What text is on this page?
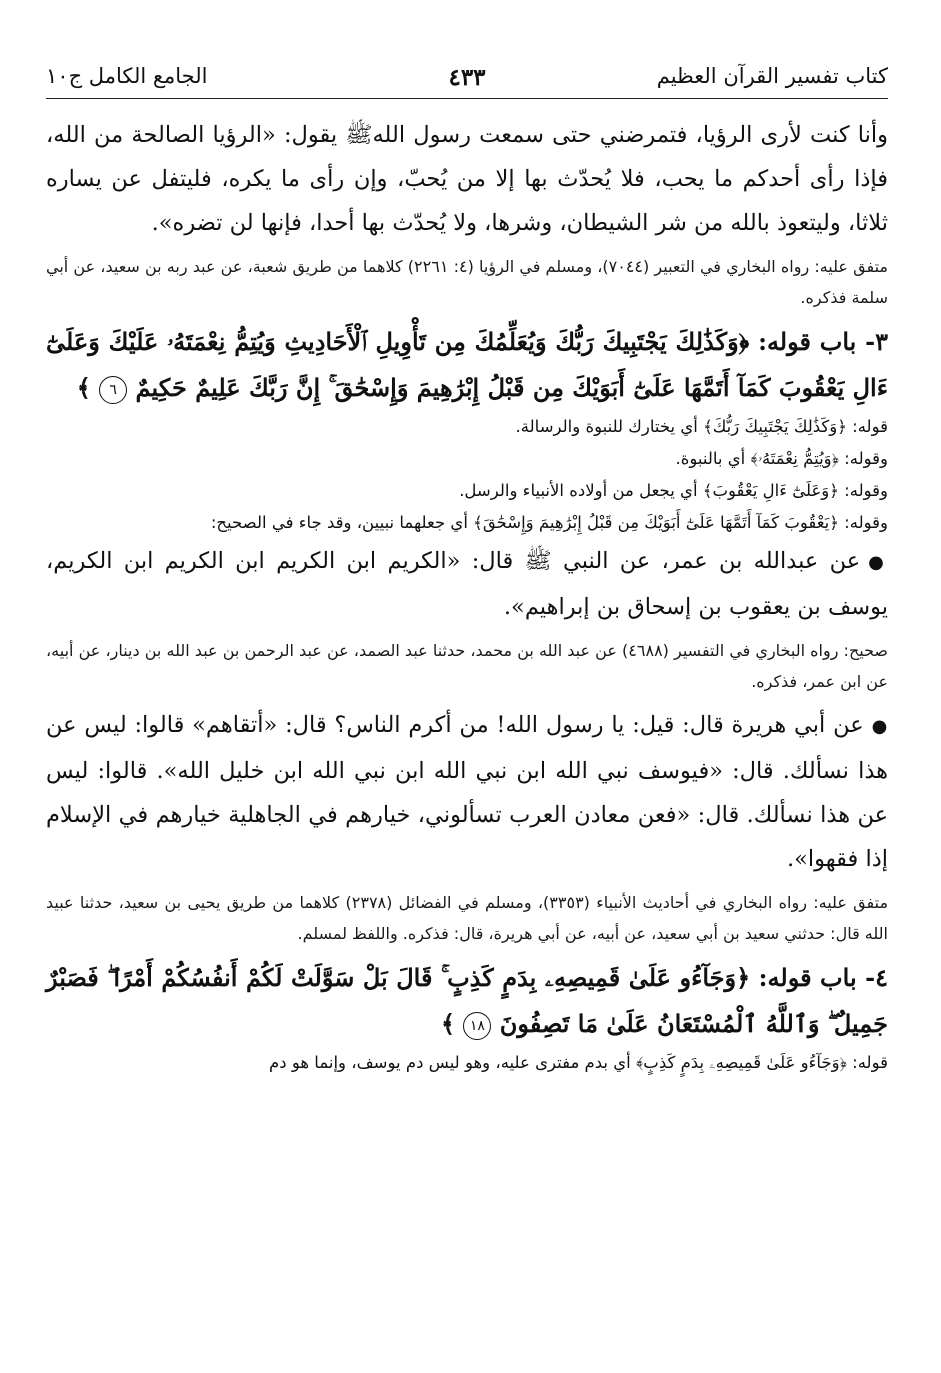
كتاب تفسير القرآن العظيم
٤٣٣
الجامع الكامل ج١٠

وأنا كنت لأرى الرؤيا، فتمرضني حتى سمعت رسول اللهﷺ يقول: «الرؤيا الصالحة من الله، فإذا رأى أحدكم ما يحب، فلا يُحدّث بها إلا من يُحبّ، وإن رأى ما يكره، فليتفل عن يساره ثلاثا، وليتعوذ بالله من شر الشيطان، وشرها، ولا يُحدّث بها أحدا، فإنها لن تضره».

متفق عليه: رواه البخاري في التعبير (٧٠٤٤)، ومسلم في الرؤيا (٤: ٢٢٦١) كلاهما من طريق شعبة، عن عبد ربه بن سعيد، عن أبي سلمة فذكره.

٣- باب قوله: ﴿وَكَذَٰلِكَ يَجْتَبِيكَ رَبُّكَ وَيُعَلِّمُكَ مِن تَأْوِيلِ ٱلْأَحَادِيثِ وَيُتِمُّ نِعْمَتَهُۥ عَلَيْكَ وَعَلَىٰٓ ءَالِ يَعْقُوبَ كَمَآ أَتَمَّهَا عَلَىٰٓ أَبَوَيْكَ مِن قَبْلُ إِبْرَٰهِيمَ وَإِسْحَٰقَ ۚ إِنَّ رَبَّكَ عَلِيمٌ حَكِيمٌ ٦ ﴾

قوله: ﴿وَكَذَٰلِكَ يَجْتَبِيكَ رَبُّكَ﴾ أي يختارك للنبوة والرسالة.

وقوله: ﴿وَيُتِمُّ نِعْمَتَهُۥ﴾ أي بالنبوة.

وقوله: ﴿وَعَلَىٰٓ ءَالِ يَعْقُوبَ﴾ أي يجعل من أولاده الأنبياء والرسل.

وقوله: ﴿يَعْقُوبَ كَمَآ أَتَمَّهَا عَلَىٰٓ أَبَوَيْكَ مِن قَبْلُ إِبْرَٰهِيمَ وَإِسْحَٰقَ﴾ أي جعلهما نبيين، وقد جاء في الصحيح:

●عن عبدالله بن عمر، عن النبي ﷺ قال: «الكريم ابن الكريم ابن الكريم ابن الكريم، يوسف بن يعقوب بن إسحاق بن إبراهيم».

صحيح: رواه البخاري في التفسير (٤٦٨٨) عن عبد الله بن محمد، حدثنا عبد الصمد، عن عبد الرحمن بن عبد الله بن دينار، عن أبيه، عن ابن عمر، فذكره.

●عن أبي هريرة قال: قيل: يا رسول الله! من أكرم الناس؟ قال: «أتقاهم» قالوا: ليس عن هذا نسألك. قال: «فيوسف نبي الله ابن نبي الله ابن نبي الله ابن خليل الله». قالوا: ليس عن هذا نسألك. قال: «فعن معادن العرب تسألوني، خيارهم في الجاهلية خيارهم في الإسلام إذا فقهوا».

متفق عليه: رواه البخاري في أحاديث الأنبياء (٣٣٥٣)، ومسلم في الفضائل (٢٣٧٨) كلاهما من طريق يحيى بن سعيد، حدثنا عبيد الله قال: حدثني سعيد بن أبي سعيد، عن أبيه، عن أبي هريرة، قال: فذكره. واللفظ لمسلم.

٤- باب قوله: ﴿وَجَآءُو عَلَىٰ قَمِيصِهِۦ بِدَمٍ كَذِبٍ ۚ قَالَ بَلْ سَوَّلَتْ لَكُمْ أَنفُسُكُمْ أَمْرًا ۖ فَصَبْرٌ جَمِيلٌ ۖ وَٱللَّهُ ٱلْمُسْتَعَانُ عَلَىٰ مَا تَصِفُونَ ١٨ ﴾

قوله: ﴿وَجَآءُو عَلَىٰ قَمِيصِهِۦ بِدَمٍ كَذِبٍ﴾ أي بدم مفترى عليه، وهو ليس دم يوسف، وإنما هو دم
